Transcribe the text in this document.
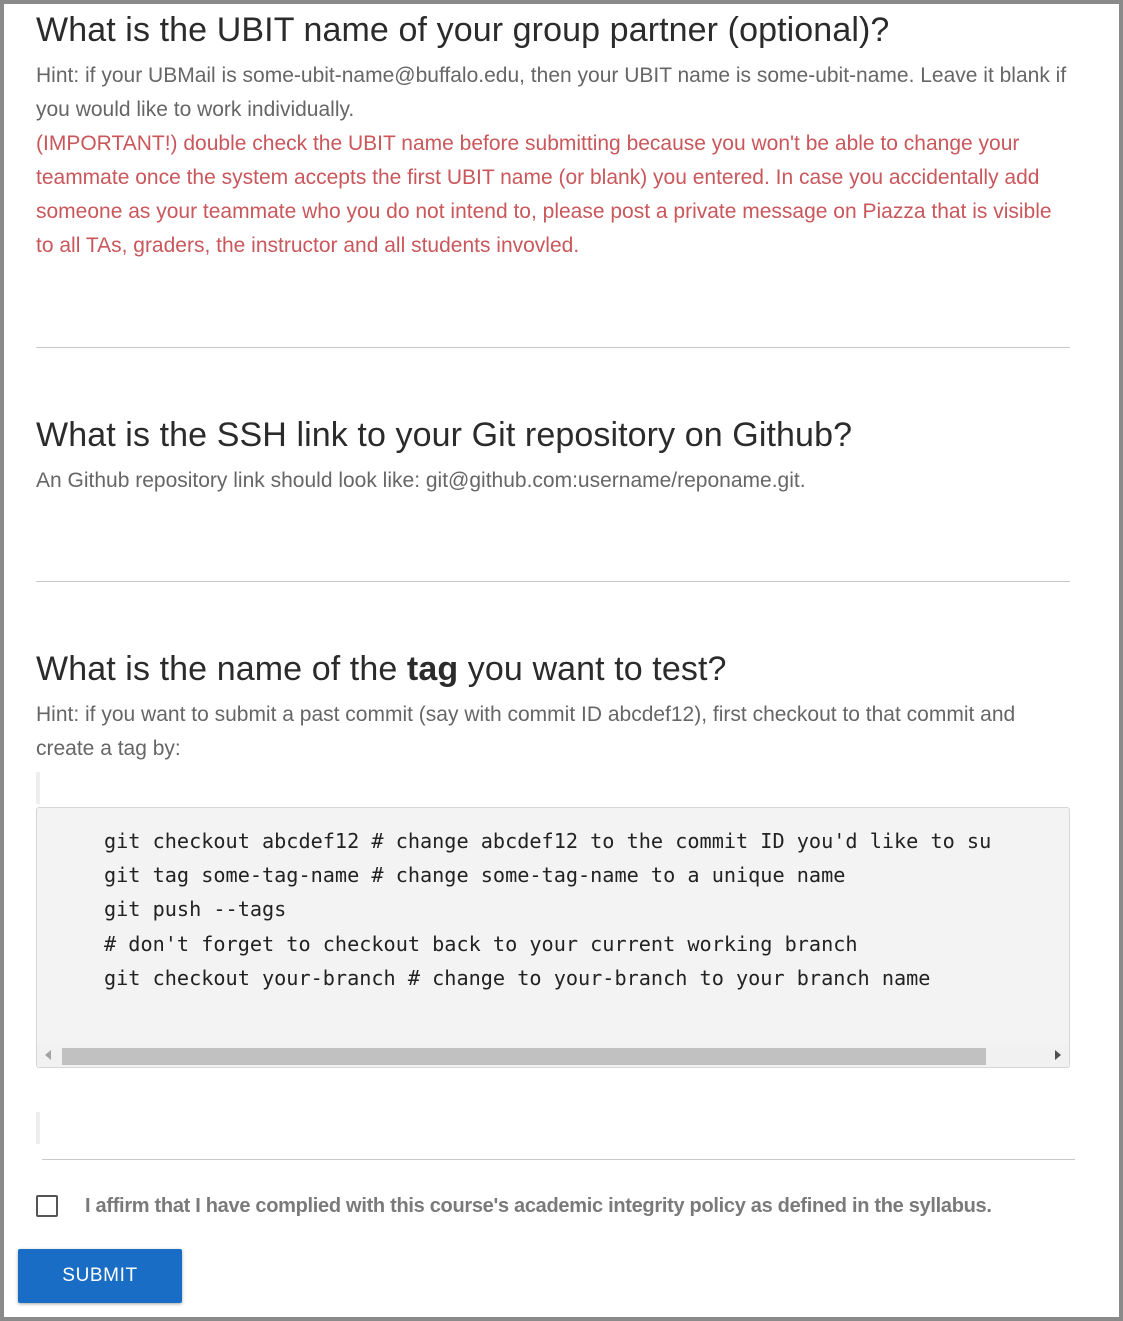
What is the UBIT name of your group partner (optional)?

Hint: if your UBMail is some-ubit-name@buffalo.edu, then your UBIT name is some-ubit-name. Leave it blank if you would like to work individually.

(IMPORTANT!) double check the UBIT name before submitting because you won't be able to change your teammate once the system accepts the first UBIT name (or blank) you entered. In case you accidentally add someone as your teammate who you do not intend to, please post a private message on Piazza that is visible to all TAs, graders, the instructor and all students invovled.

What is the SSH link to your Git repository on Github?

An Github repository link should look like: git@github.com:username/reponame.git.

What is the name of the tag you want to test?

Hint: if you want to submit a past commit (say with commit ID abcdef12), first checkout to that commit and create a tag by:

git checkout abcdef12 # change abcdef12 to the commit ID you'd like to su
git tag some-tag-name # change some-tag-name to a unique name
git push --tags
# don't forget to checkout back to your current working branch
git checkout your-branch # change to your-branch to your branch name
I affirm that I have complied with this course's academic integrity policy as defined in the syllabus.
SUBMIT
